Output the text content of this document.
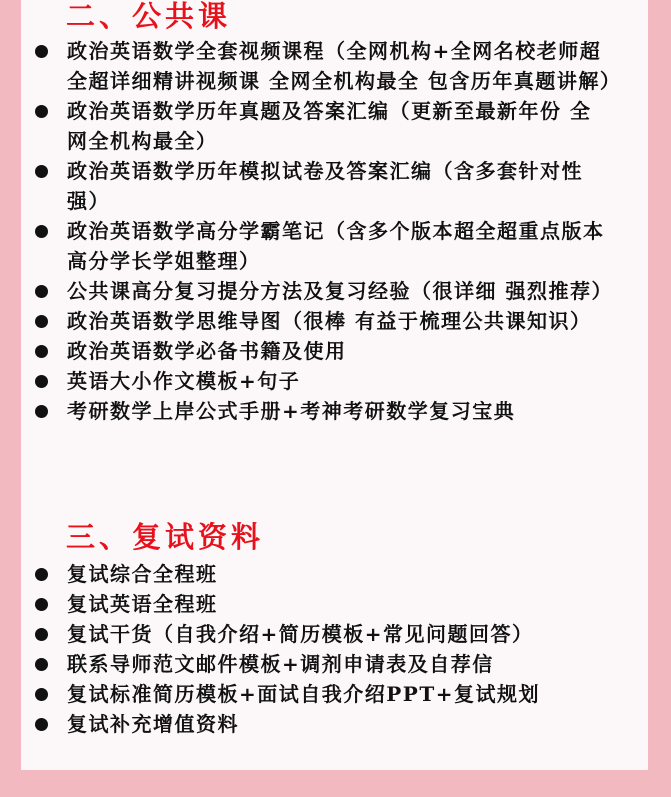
二、公共课
政治英语数学全套视频课程（全网机构+全网名校老师超全超详细精讲视频课 全网全机构最全 包含历年真题讲解）
政治英语数学历年真题及答案汇编（更新至最新年份 全网全机构最全）
政治英语数学历年模拟试卷及答案汇编（含多套针对性强）
政治英语数学高分学霸笔记（含多个版本超全超重点版本 高分学长学姐整理）
公共课高分复习提分方法及复习经验（很详细 强烈推荐）
政治英语数学思维导图（很棒 有益于梳理公共课知识）
政治英语数学必备书籍及使用
英语大小作文模板+句子
考研数学上岸公式手册+考神考研数学复习宝典
三、复试资料
复试综合全程班
复试英语全程班
复试干货（自我介绍+简历模板+常见问题回答）
联系导师范文邮件模板+调剂申请表及自荐信
复试标准简历模板+面试自我介绍PPT+复试规划
复试补充增值资料
